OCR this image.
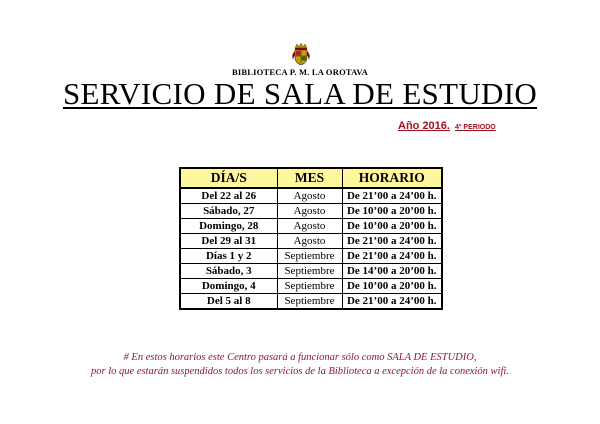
BIBLIOTECA P. M. LA OROTAVA
SERVICIO DE SALA DE ESTUDIO
Año 2016. 4º PERIODO
DÍA/S	MES	HORARIO
Del 22 al 26	Agosto	De 21’00 a 24’00 h.
Sábado, 27	Agosto	De 10’00 a 20’00 h.
Domingo, 28	Agosto	De 10’00 a 20’00 h.
Del 29 al 31	Agosto	De 21’00 a 24’00 h.
Días 1 y 2	Septiembre	De 21’00 a 24’00 h.
Sábado, 3	Septiembre	De 14’00 a 20’00 h.
Domingo, 4	Septiembre	De 10’00 a 20’00 h.
Del 5 al 8	Septiembre	De 21’00 a 24’00 h.

# En estos horarios este Centro pasará a funcionar sólo como SALA DE ESTUDIO,

por lo que estarán suspendidos todos los servicios de la Biblioteca a excepción de la conexión wifi.
